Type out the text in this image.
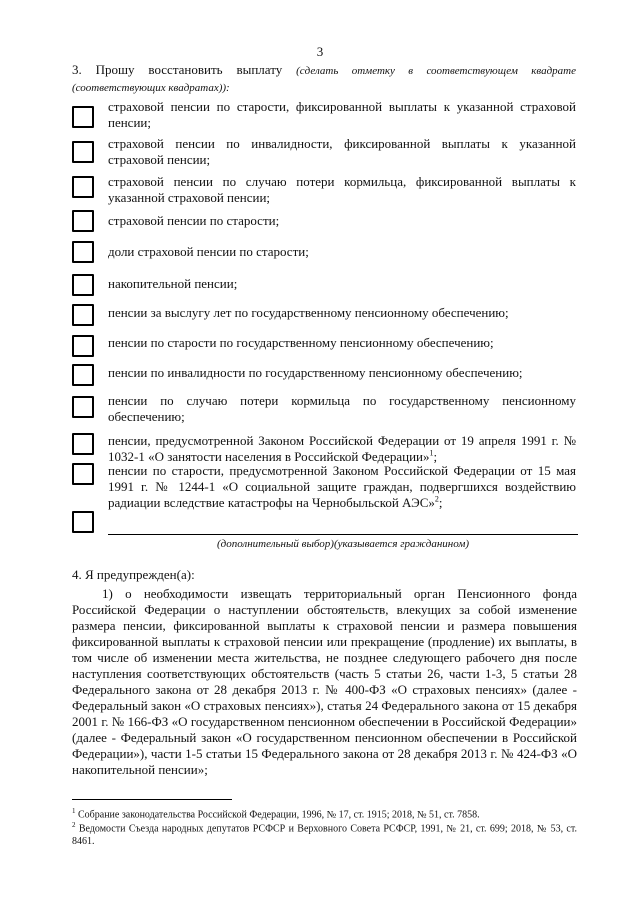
3
3. Прошу восстановить выплату (сделать отметку в соответствующем квадрате (соответствующих квадратах)):
страховой пенсии по старости, фиксированной выплаты к указанной страховой пенсии;
страховой пенсии по инвалидности, фиксированной выплаты к указанной страховой пенсии;
страховой пенсии по случаю потери кормильца, фиксированной выплаты к указанной страховой пенсии;
страховой пенсии по старости;
доли страховой пенсии по старости;
накопительной пенсии;
пенсии за выслугу лет по государственному пенсионному обеспечению;
пенсии по старости по государственному пенсионному обеспечению;
пенсии по инвалидности по государственному пенсионному обеспечению;
пенсии по случаю потери кормильца по государственному пенсионному обеспечению;
пенсии, предусмотренной Законом Российской Федерации от 19 апреля 1991 г. № 1032-1 «О занятости населения в Российской Федерации»$^1$;
пенсии по старости, предусмотренной Законом Российской Федерации от 15 мая 1991 г. № 1244-1 «О социальной защите граждан, подвергшихся воздействию радиации вследствие катастрофы на Чернобыльской АЭС»$^2$;
(дополнительный выбор)(указывается гражданином)
4. Я предупрежден(а):
1) о необходимости извещать территориальный орган Пенсионного фонда Российской Федерации о наступлении обстоятельств, влекущих за собой изменение размера пенсии, фиксированной выплаты к страховой пенсии и размера повышения фиксированной выплаты к страховой пенсии или прекращение (продление) их выплаты, в том числе об изменении места жительства, не позднее следующего рабочего дня после наступления соответствующих обстоятельств (часть 5 статьи 26, части 1-3, 5 статьи 28 Федерального закона от 28 декабря 2013 г. № 400-ФЗ «О страховых пенсиях» (далее - Федеральный закон «О страховых пенсиях»), статья 24 Федерального закона от 15 декабря 2001 г. № 166-ФЗ «О государственном пенсионном обеспечении в Российской Федерации» (далее - Федеральный закон «О государственном пенсионном обеспечении в Российской Федерации»), части 1-5 статьи 15 Федерального закона от 28 декабря 2013 г. № 424-ФЗ «О накопительной пенсии»;
$^1$ Собрание законодательства Российской Федерации, 1996, № 17, ст. 1915; 2018, № 51, ст. 7858.
$^2$ Ведомости Съезда народных депутатов РСФСР и Верховного Совета РСФСР, 1991, № 21, ст. 699; 2018, № 53, ст. 8461.
